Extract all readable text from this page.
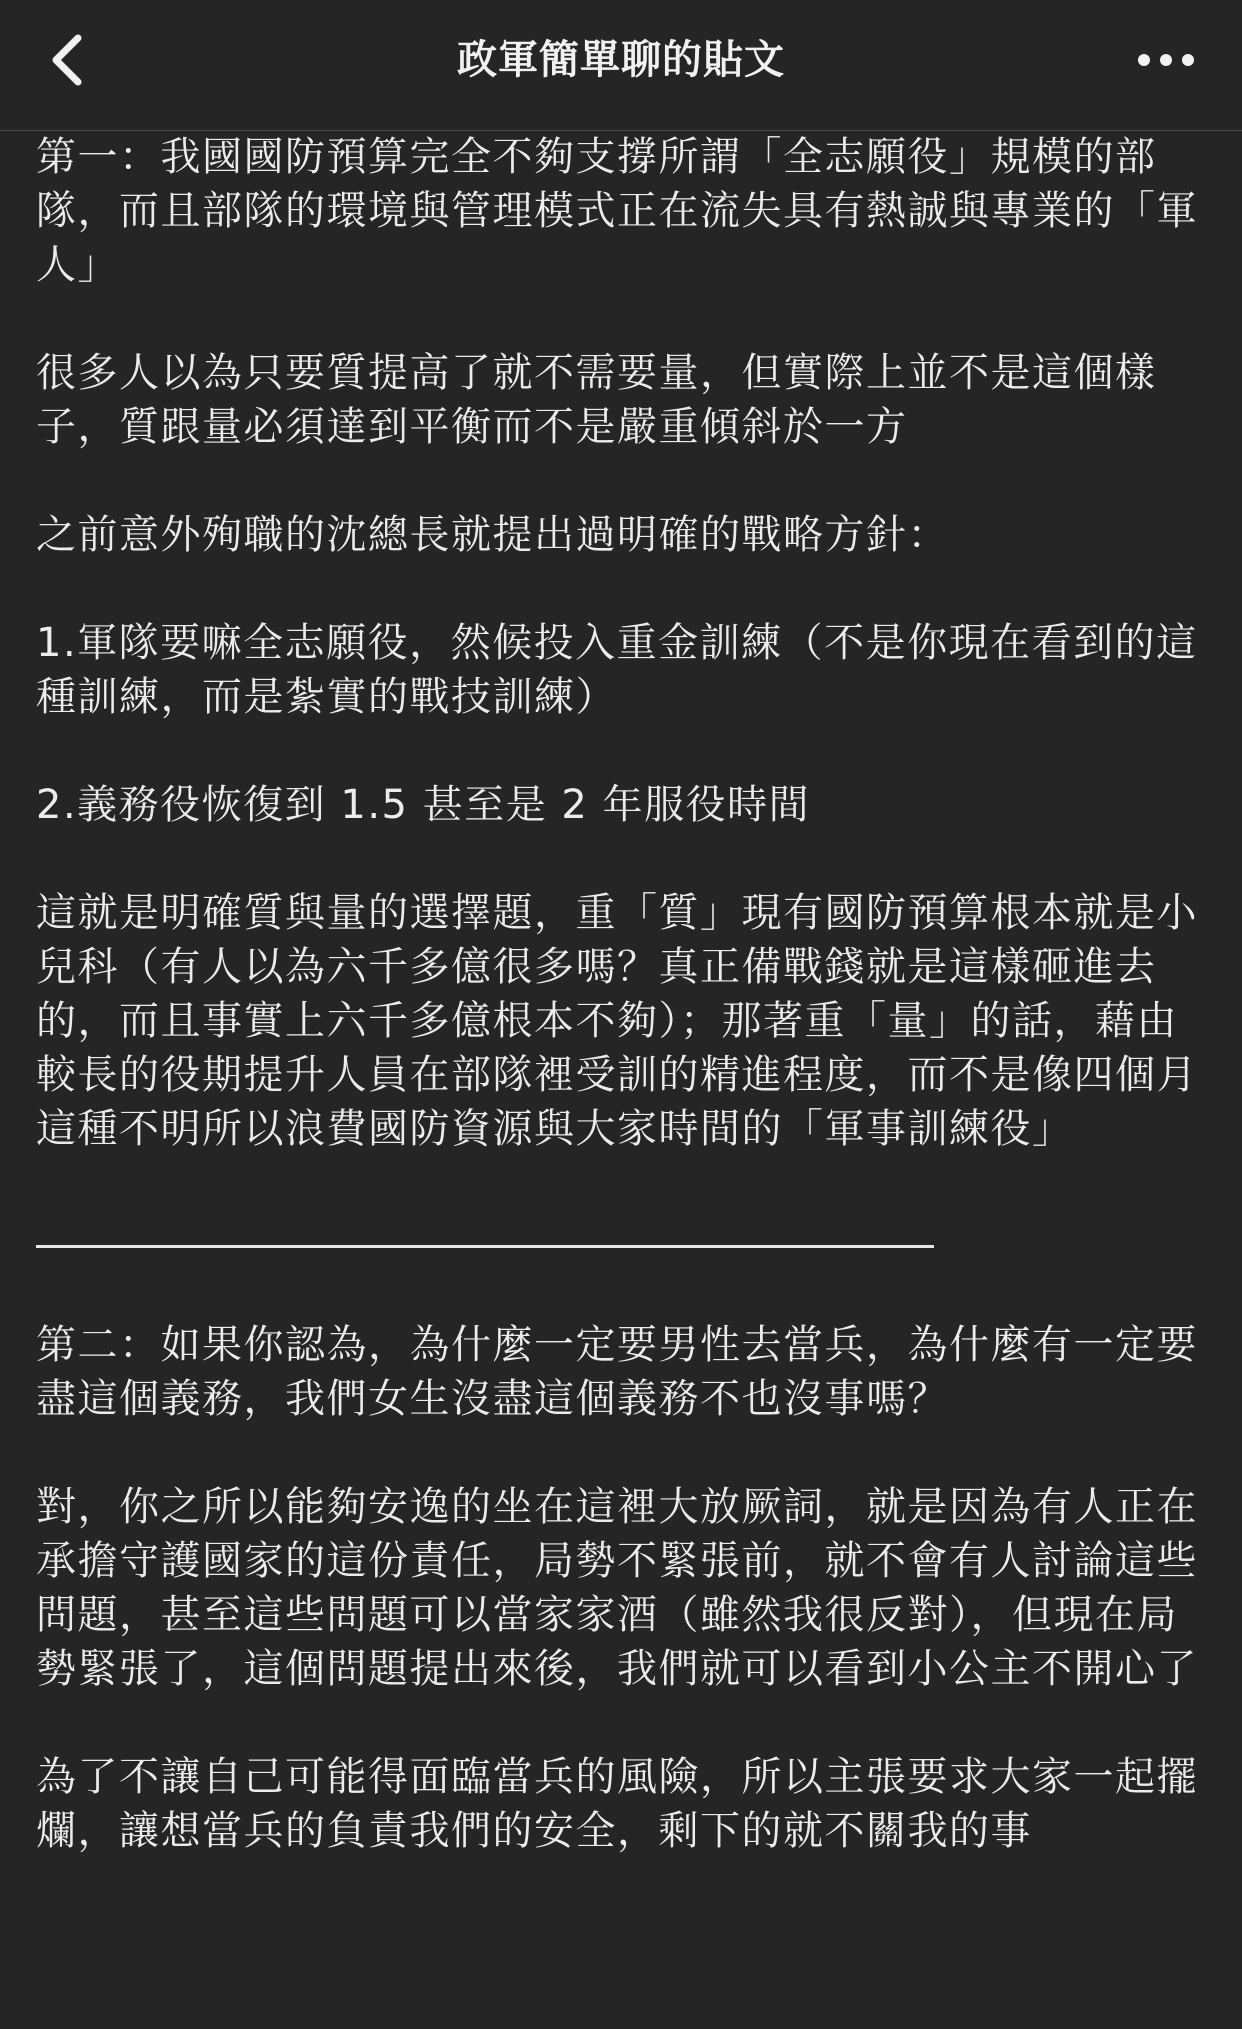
政軍簡單聊的貼文

第一：我國國防預算完全不夠支撐所謂「全志願役」規模的部隊，而且部隊的環境與管理模式正在流失具有熱誠與專業的「軍人」

很多人以為只要質提高了就不需要量，但實際上並不是這個樣子，質跟量必須達到平衡而不是嚴重傾斜於一方

之前意外殉職的沈總長就提出過明確的戰略方針：

1.軍隊要嘛全志願役，然候投入重金訓練（不是你現在看到的這種訓練，而是紮實的戰技訓練）

2.義務役恢復到 1.5 甚至是 2 年服役時間

這就是明確質與量的選擇題，重「質」現有國防預算根本就是小兒科（有人以為六千多億很多嗎？真正備戰錢就是這樣砸進去的，而且事實上六千多億根本不夠）；那著重「量」的話，藉由較長的役期提升人員在部隊裡受訓的精進程度，而不是像四個月這種不明所以浪費國防資源與大家時間的「軍事訓練役」

第二：如果你認為，為什麼一定要男性去當兵，為什麼有一定要盡這個義務，我們女生沒盡這個義務不也沒事嗎？

對，你之所以能夠安逸的坐在這裡大放厥詞，就是因為有人正在承擔守護國家的這份責任，局勢不緊張前，就不會有人討論這些問題，甚至這些問題可以當家家酒（雖然我很反對），但現在局勢緊張了，這個問題提出來後，我們就可以看到小公主不開心了

為了不讓自己可能得面臨當兵的風險，所以主張要求大家一起擺爛，讓想當兵的負責我們的安全，剩下的就不關我的事
